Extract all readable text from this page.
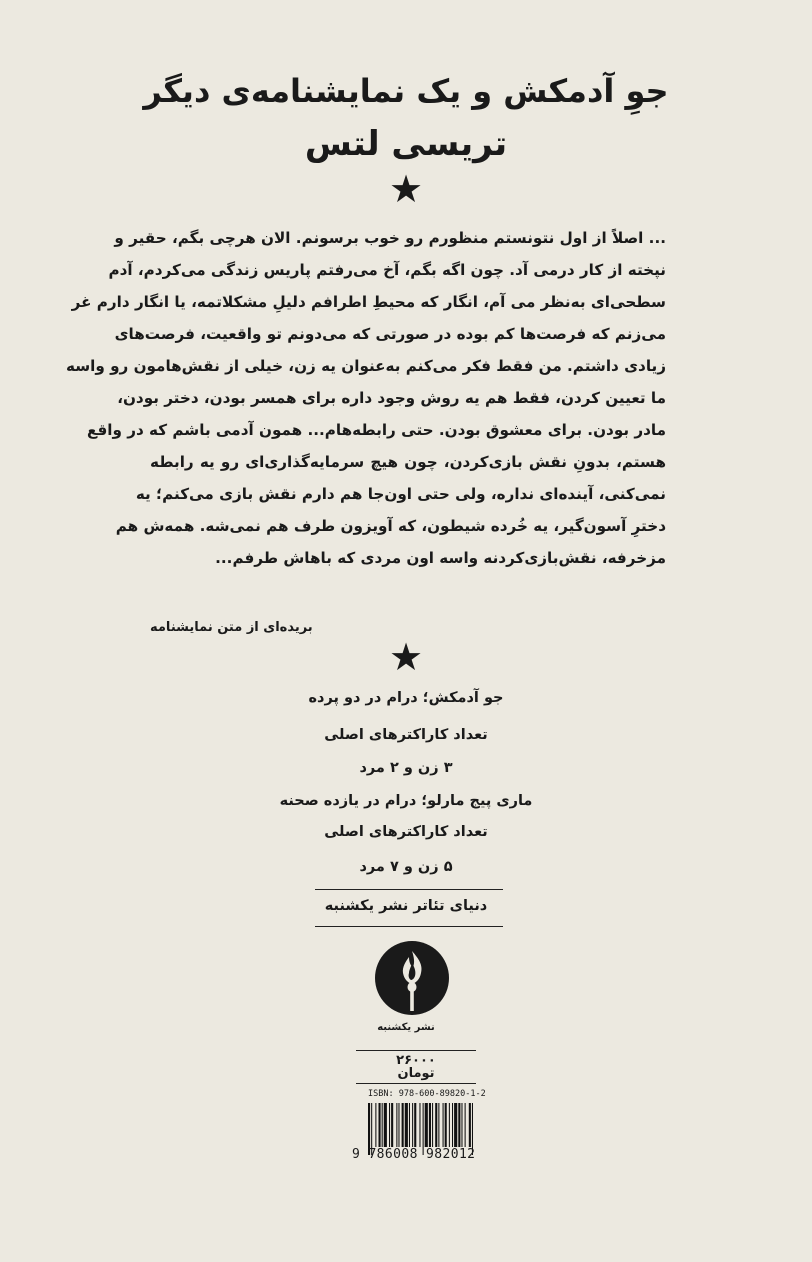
جوِ آدمکش و یک نمایشنامه‌ی دیگر
تریسی لتس
★
... اصلاً از اول نتونستم منظورم رو خوب برسونم. الان هرچی بگم، حقیر و
نپخته از کار درمی آد. چون اگه بگم، آخ می‌رفتم پاریس زندگی می‌کردم، آدم
سطحی‌ای به‌نظر می آم، انگار که محیطِ اطرافم دلیلِ مشکلاتمه، یا انگار دارم غر
می‌زنم که فرصت‌ها کم بوده در صورتی که می‌دونم تو واقعیت، فرصت‌های
زیادی داشتم. من فقط فکر می‌کنم به‌عنوان یه زن، خیلی از نقش‌هامون رو واسه
ما تعیین کردن، فقط هم یه روش وجود داره برای همسر بودن، دختر بودن،
مادر بودن. برای معشوق بودن. حتی رابطه‌هام... همون آدمی باشم که در واقع
هستم، بدونِ نقش بازی‌کردن، چون هیچ سرمایه‌گذاری‌ای رو یه رابطه
نمی‌کنی، آینده‌ای نداره، ولی حتی اون‌جا هم دارم نقش بازی می‌کنم؛ یه
دخترِ آسون‌گیر، یه خُرده شیطون، که آویزون طرف هم نمی‌شه. همه‌ش هم
مزخرفه، نقش‌بازی‌کردنه واسه اون مردی که باهاش طرفم...
بریده‌ای از متن نمایشنامه
★
جو آدمکش؛ درام در دو پرده
تعداد کاراکترهای اصلی
۳ زن و ۲ مرد
ماری پیج مارلو؛ درام در یازده صحنه
تعداد کاراکترهای اصلی
۵ زن و ۷ مرد
دنیای تئاتر نشر یکشنبه
نشر یکشنبه
۲۶۰۰۰
تومان
ISBN: 978-600-89820-1-2
9 786008 982012
